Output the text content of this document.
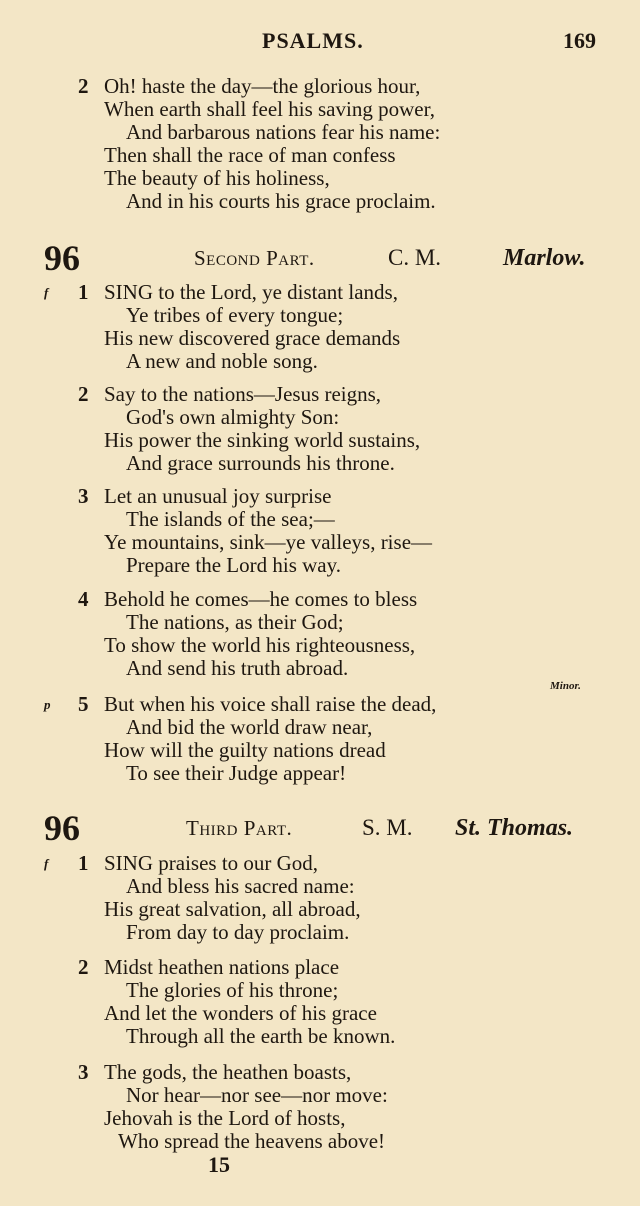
PSALMS.	169
2 Oh! haste the day—the glorious hour,
When earth shall feel his saving power,
And barbarous nations fear his name:
Then shall the race of man confess
The beauty of his holiness,
And in his courts his grace proclaim.
96	Second Part.	C. M.	Marlow.
f 1 SING to the Lord, ye distant lands,
Ye tribes of every tongue;
His new discovered grace demands
A new and noble song.
2 Say to the nations—Jesus reigns,
God's own almighty Son:
His power the sinking world sustains,
And grace surrounds his throne.
3 Let an unusual joy surprise
The islands of the sea;—
Ye mountains, sink—ye valleys, rise—
Prepare the Lord his way.
4 Behold he comes—he comes to bless
The nations, as their God;
To show the world his righteousness,
And send his truth abroad.
Minor.
p 5 But when his voice shall raise the dead,
And bid the world draw near,
How will the guilty nations dread
To see their Judge appear!
96	Third Part.	S. M. St. Thomas.
f 1 SING praises to our God,
And bless his sacred name:
His great salvation, all abroad,
From day to day proclaim.
2 Midst heathen nations place
The glories of his throne;
And let the wonders of his grace
Through all the earth be known.
3 The gods, the heathen boasts,
Nor hear—nor see—nor move:
Jehovah is the Lord of hosts,
Who spread the heavens above!
15
